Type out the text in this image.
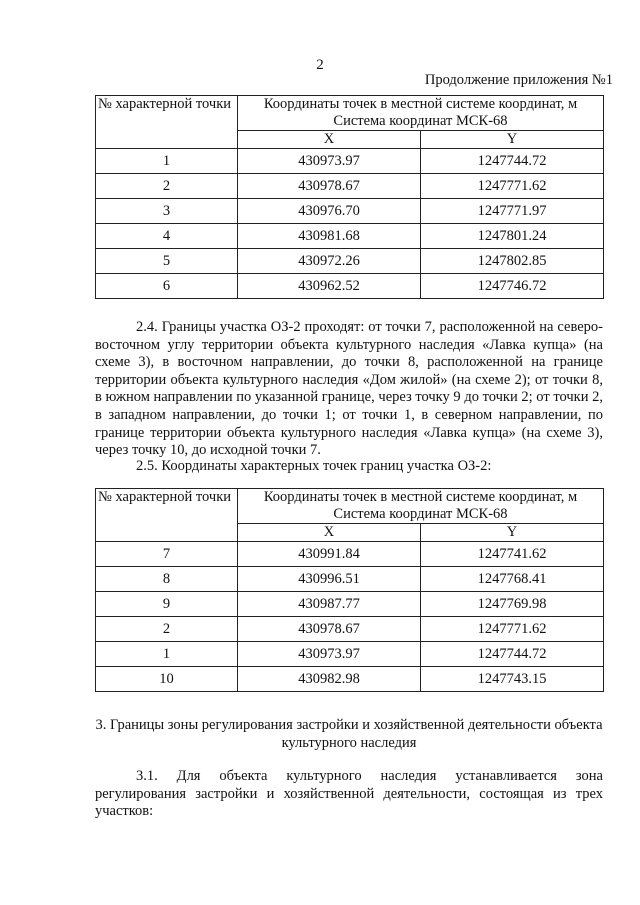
2
Продолжение приложения №1
№ характерной точки	Координаты точек в местной системе координат, м Система координат МСК-68	
	X	Y
1	430973.97	1247744.72
2	430978.67	1247771.62
3	430976.70	1247771.97
4	430981.68	1247801.24
5	430972.26	1247802.85
6	430962.52	1247746.72
2.4. Границы участка ОЗ-2 проходят: от точки 7, расположенной на северо-восточном углу территории объекта культурного наследия «Лавка купца» (на схеме 3), в восточном направлении, до точки 8, расположенной на границе территории объекта культурного наследия «Дом жилой» (на схеме 2); от точки 8, в южном направлении по указанной границе, через точку 9 до точки 2; от точки 2, в западном направлении, до точки 1; от точки 1, в северном направлении, по границе территории объекта культурного наследия «Лавка купца» (на схеме 3), через точку 10, до исходной точки 7.
2.5. Координаты характерных точек границ участка ОЗ-2:
№ характерной точки	Координаты точек в местной системе координат, м Система координат МСК-68	
	X	Y
7	430991.84	1247741.62
8	430996.51	1247768.41
9	430987.77	1247769.98
2	430978.67	1247771.62
1	430973.97	1247744.72
10	430982.98	1247743.15
3. Границы зоны регулирования застройки и хозяйственной деятельности объекта культурного наследия
3.1. Для объекта культурного наследия устанавливается зона регулирования застройки и хозяйственной деятельности, состоящая из трех участков:
